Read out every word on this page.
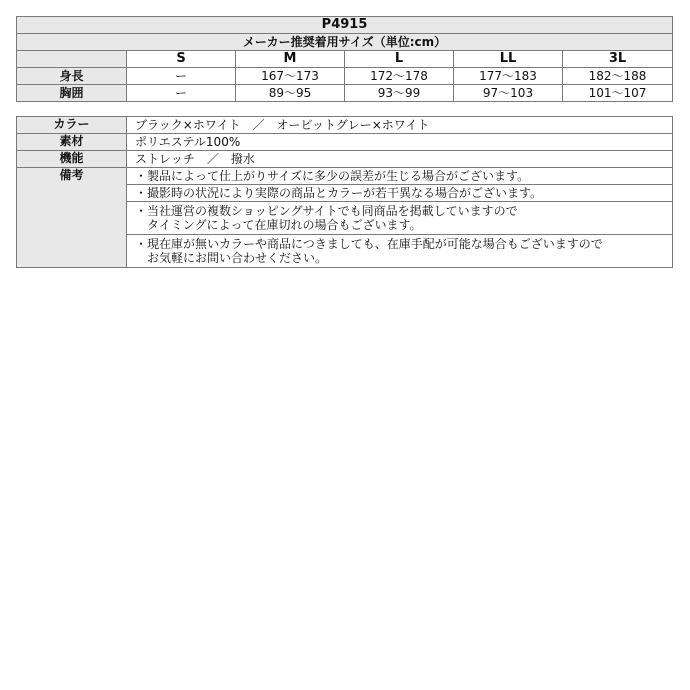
P4915					
メーカー推奨着用サイズ（単位:cm）					
	S	M	L	LL	3L
身長	ー	167〜173	172〜178	177〜183	182〜188
胸囲	ー	89〜95	93〜99	97〜103	101〜107
カラー	ブラック×ホワイト　／　オービットグレー×ホワイト
素材	ポリエステル100%
機能	ストレッチ　／　撥水
備考	・製品によって仕上がりサイズに多少の誤差が生じる場合がございます。

	・撮影時の状況により実際の商品とカラーが若干異なる場合がございます。

	・当社運営の複数ショッピングサイトでも同商品を掲載していますので
　タイミングによって在庫切れの場合もございます。

	・現在庫が無いカラーや商品につきましても、在庫手配が可能な場合もございますので
　お気軽にお問い合わせください。
